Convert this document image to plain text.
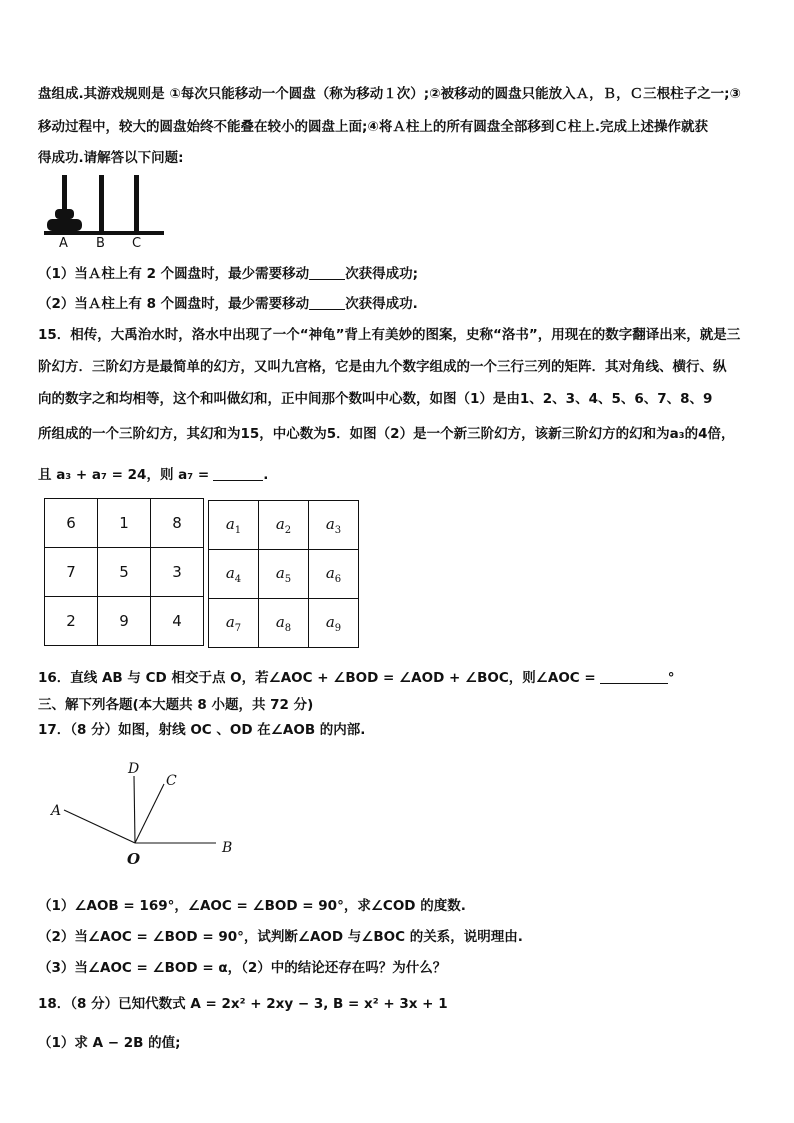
盘组成.其游戏规则是 ①每次只能移动一个圆盘（称为移动１次）;②被移动的圆盘只能放入Ａ，Ｂ，Ｃ三根柱子之一;③
移动过程中，较大的圆盘始终不能叠在较小的圆盘上面;④将Ａ柱上的所有圆盘全部移到Ｃ柱上.完成上述操作就获
得成功.请解答以下问题:
A B C
（1）当Ａ柱上有 2 个圆盘时，最少需要移动	次获得成功;
（2）当Ａ柱上有 8 个圆盘时，最少需要移动	次获得成功.
15．相传，大禹治水时，洛水中出现了一个“神龟”背上有美妙的图案，史称“洛书”，用现在的数字翻译出来，就是三
阶幻方．三阶幻方是最简单的幻方，又叫九宫格，它是由九个数字组成的一个三行三列的矩阵．其对角线、横行、纵
向的数字之和均相等，这个和叫做幻和，正中间那个数叫中心数，如图（1）是由1、2、3、4、5、6、7、8、9
所组成的一个三阶幻方，其幻和为15，中心数为5．如图（2）是一个新三阶幻方，该新三阶幻方的幻和为a₃的4倍，
且 a₃ + a₇ = 24，则 a₇ =	.
6	1	8
7	5	3
2	9	4
$a_1$	$a_2$	$a_3$
$a_4$	$a_5$	$a_6$
$a_7$	$a_8$	$a_9$
16．直线 AB 与 CD 相交于点 O，若∠AOC + ∠BOD = ∠AOD + ∠BOC，则∠AOC =	°
三、解下列各题(本大题共 8 小题，共 72 分)
17．（8 分）如图，射线 OC 、OD 在∠AOB 的内部.
D
C
A
B
O
（1）∠AOB = 169°，∠AOC = ∠BOD = 90°，求∠COD 的度数.
（2）当∠AOC = ∠BOD = 90°，试判断∠AOD 与∠BOC 的关系，说明理由.
（3）当∠AOC = ∠BOD = α，（2）中的结论还存在吗？为什么？
18．（8 分）已知代数式 A = 2x² + 2xy − 3, B = x² + 3x + 1
（1）求 A − 2B 的值;
